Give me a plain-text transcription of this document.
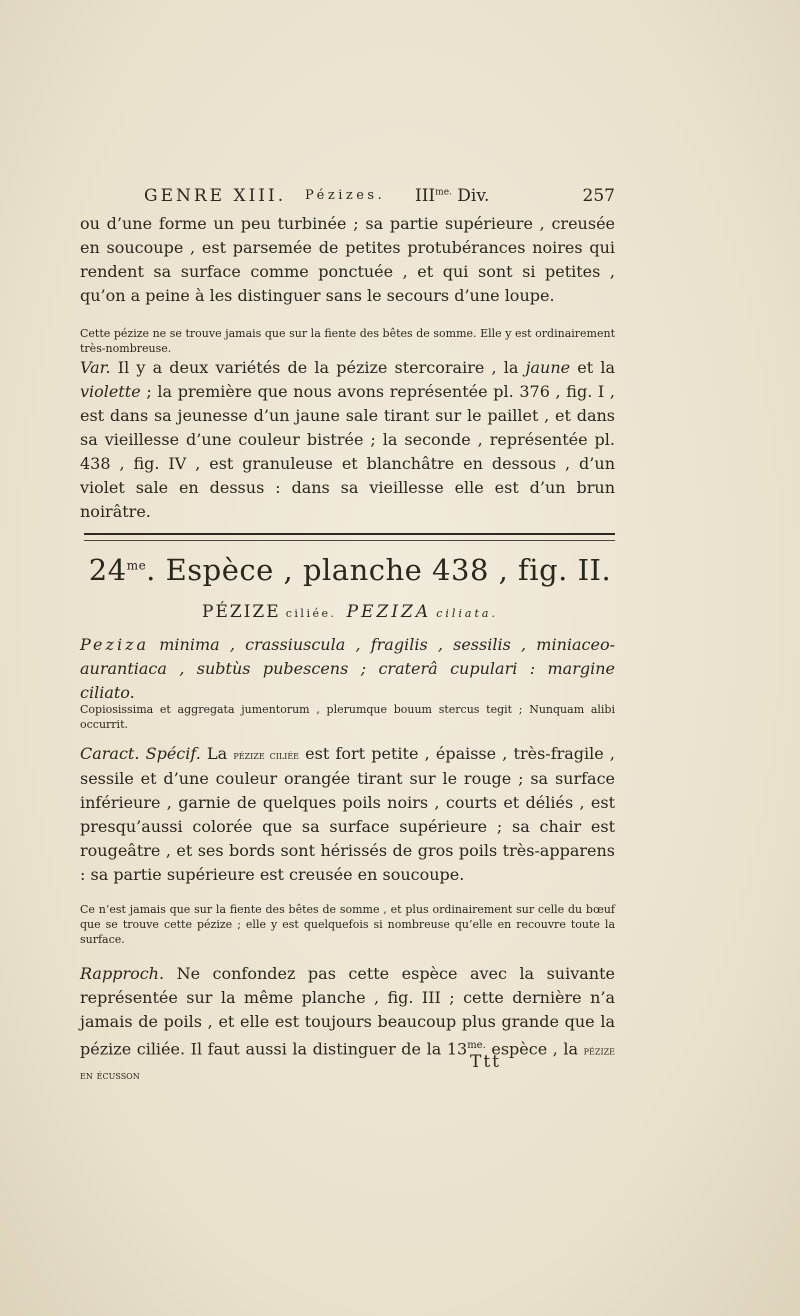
GENRE XIII. Pézizes. $III^{me.}$ Div.	257

ou d’une forme un peu turbinée ; sa partie supérieure , creusée en soucoupe , est parsemée de petites protubérances noires qui rendent sa surface comme ponctuée , et qui sont si petites , qu’on a peine à les distinguer sans le secours d’une loupe.

Cette pézize ne se trouve jamais que sur la fiente des bêtes de somme. Elle y est ordinairement très-nombreuse.

Var. Il y a deux variétés de la pézize stercoraire , la jaune et la violette ; la première que nous avons représentée pl. 376 , fig. I , est dans sa jeunesse d’un jaune sale tirant sur le paillet , et dans sa vieillesse d’une couleur bistrée ; la seconde , représentée pl. 438 , fig. IV , est granuleuse et blanchâtre en dessous , d’un violet sale en dessus : dans sa vieillesse elle est d’un brun noirâtre.

$24^{me}$. Espèce , planche 438 , fig. II.
PÉZIZE ciliée. PEZIZA ciliata.

Peziza minima , crassiuscula , fragilis , sessilis , miniaceo-aurantiaca , subtùs pubescens ; craterâ cupulari : margine ciliato.

Copiosissima et aggregata jumentorum , plerumque bouum stercus tegit ; Nunquam alibi occurrit.

Caract. Spécif. La pézize ciliée est fort petite , épaisse , très-fragile , sessile et d’une couleur orangée tirant sur le rouge ; sa surface inférieure , garnie de quelques poils noirs , courts et déliés , est presqu’aussi colorée que sa surface supérieure ; sa chair est rougeâtre , et ses bords sont hérissés de gros poils très-apparens : sa partie supérieure est creusée en soucoupe.

Ce n’est jamais que sur la fiente des bêtes de somme , et plus ordinairement sur celle du bœuf que se trouve cette pézize ; elle y est quelquefois si nombreuse qu’elle en recouvre toute la surface.

Rapproch. Ne confondez pas cette espèce avec la suivante représentée sur la même planche , fig. III ; cette dernière n’a jamais de poils , et elle est toujours beaucoup plus grande que la pézize ciliée. Il faut aussi la distinguer de la $13^{me.}$ espèce , la pézize en écusson

Ttt
